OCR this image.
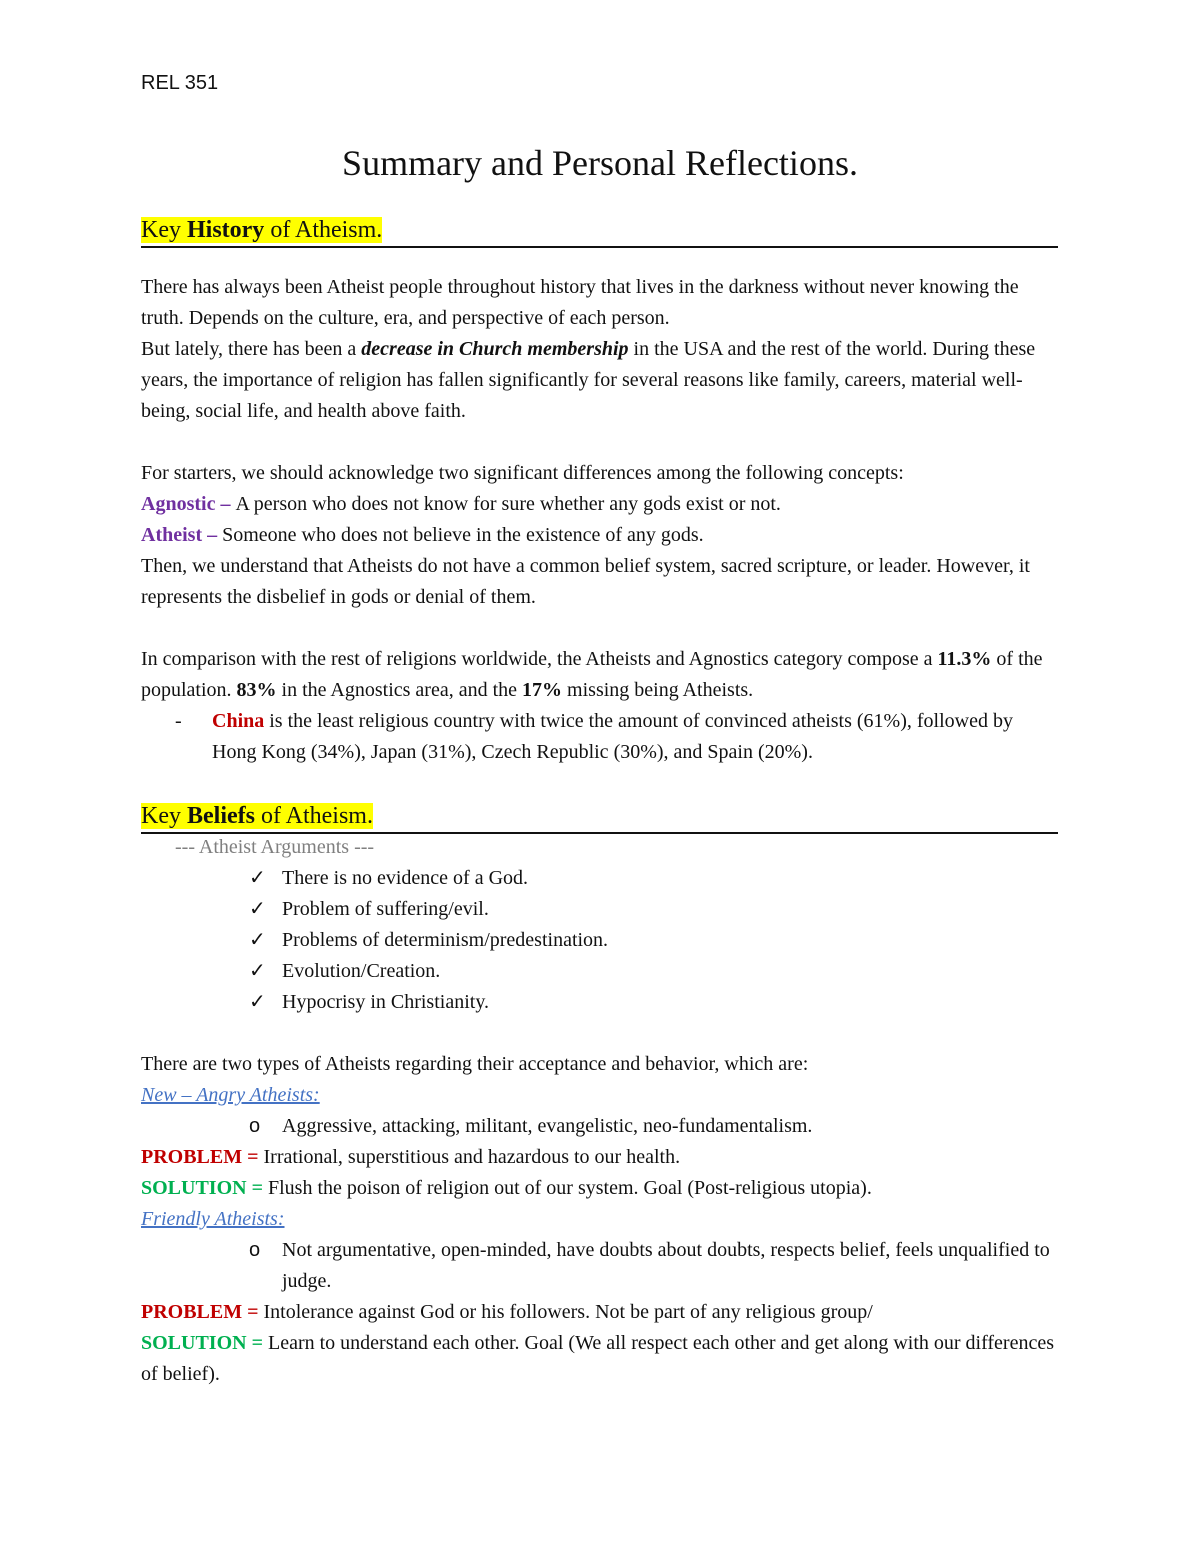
REL 351
Summary and Personal Reflections.
Key History of Atheism.

There has always been Atheist people throughout history that lives in the darkness without never knowing the truth. Depends on the culture, era, and perspective of each person.

But lately, there has been a decrease in Church membership in the USA and the rest of the world. During these years, the importance of religion has fallen significantly for several reasons like family, careers, material well-being, social life, and health above faith.

For starters, we should acknowledge two significant differences among the following concepts:

Agnostic – A person who does not know for sure whether any gods exist or not.

Atheist – Someone who does not believe in the existence of any gods.

Then, we understand that Atheists do not have a common belief system, sacred scripture, or leader. However, it represents the disbelief in gods or denial of them.

In comparison with the rest of religions worldwide, the Atheists and Agnostics category compose a 11.3% of the population. 83% in the Agnostics area, and the 17% missing being Atheists.

- China is the least religious country with twice the amount of convinced atheists (61%), followed by Hong Kong (34%), Japan (31%), Czech Republic (30%), and Spain (20%).
Key Beliefs of Atheism.

--- Atheist Arguments ---

✓ There is no evidence of a God.
✓ Problem of suffering/evil.
✓ Problems of determinism/predestination.
✓ Evolution/Creation.
✓ Hypocrisy in Christianity.

There are two types of Atheists regarding their acceptance and behavior, which are:

New – Angry Atheists:

o Aggressive, attacking, militant, evangelistic, neo-fundamentalism.

PROBLEM = Irrational, superstitious and hazardous to our health.

SOLUTION = Flush the poison of religion out of our system. Goal (Post-religious utopia).

Friendly Atheists:

o Not argumentative, open-minded, have doubts about doubts, respects belief, feels unqualified to judge.

PROBLEM = Intolerance against God or his followers. Not be part of any religious group/

SOLUTION = Learn to understand each other. Goal (We all respect each other and get along with our differences of belief).
